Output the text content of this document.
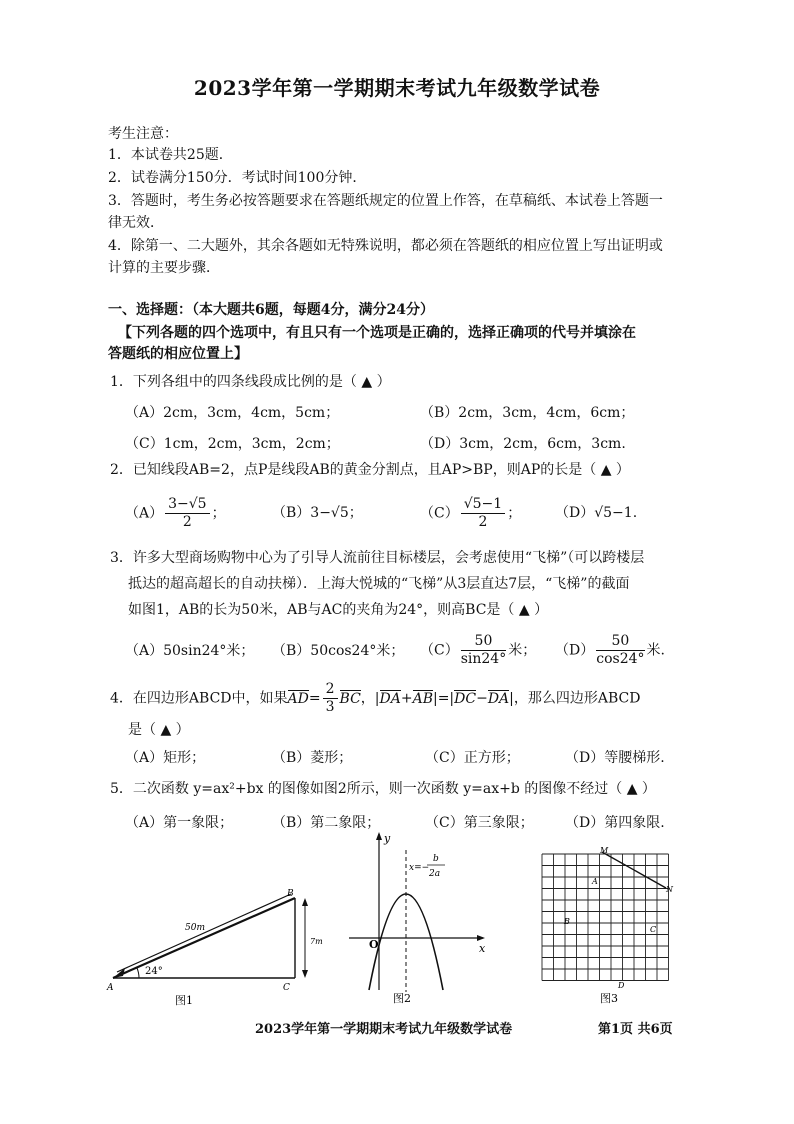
2023学年第一学期期末考试九年级数学试卷
考生注意：
1．本试卷共25题．
2．试卷满分150分．考试时间100分钟．
3．答题时，考生务必按答题要求在答题纸规定的位置上作答，在草稿纸、本试卷上答题一
律无效．
4．除第一、二大题外，其余各题如无特殊说明，都必须在答题纸的相应位置上写出证明或
计算的主要步骤．
一、选择题：（本大题共6题，每题4分，满分24分）
【下列各题的四个选项中，有且只有一个选项是正确的，选择正确项的代号并填涂在
答题纸的相应位置上】
1．下列各组中的四条线段成比例的是（ ▲ ）
（A）2cm，3cm，4cm，5cm；	（B）2cm，3cm，4cm，6cm；
（C）1cm，2cm，3cm，2cm；	（D）3cm，2cm，6cm，3cm.
2．已知线段AB=2，点P是线段AB的黄金分割点，且AP>BP，则AP的长是（ ▲ ）
$(A) \frac{3-√5}{2}$ ；	（B）3−√5；	$(C) \frac{√5-1}{2}$ ； （D）√5−1.
3．许多大型商场购物中心为了引导人流前往目标楼层，会考虑使用“飞梯”（可以跨楼层
抵达的超高超长的自动扶梯）．上海大悦城的“飞梯”从3层直达7层，“飞梯”的截面
如图1，AB的长为50米，AB与AC的夹角为24°，则高BC是（ ▲ ）
（A）50sin24°米； （B）50cos24°米； $(C) \frac{50}{\sin 24^\circ}$ 米； $(D) \frac{50}{\cos 24^\circ}$ 米.
4．在四边形ABCD中，如果$AD= \frac{2}{3}$ BC，|DA+AB|=|DC−DA|，那么四边形ABCD
是（ ▲ ）
（A）矩形；	（B）菱形；	（C）正方形；	（D）等腰梯形.
5．二次函数 y=ax²+bx 的图像如图2所示，则一次函数 y=ax+b 的图像不经过（ ▲ ）
（A）第一象限；	（B）第二象限；	（C）第三象限； （D）第四象限.
24°
50m
7m
A
B
C
图1
y
x
O
x=−
b
2a
图2
M
N
A
B
C
D
图3
2023学年第一学期期末考试九年级数学试卷	第1页 共6页
